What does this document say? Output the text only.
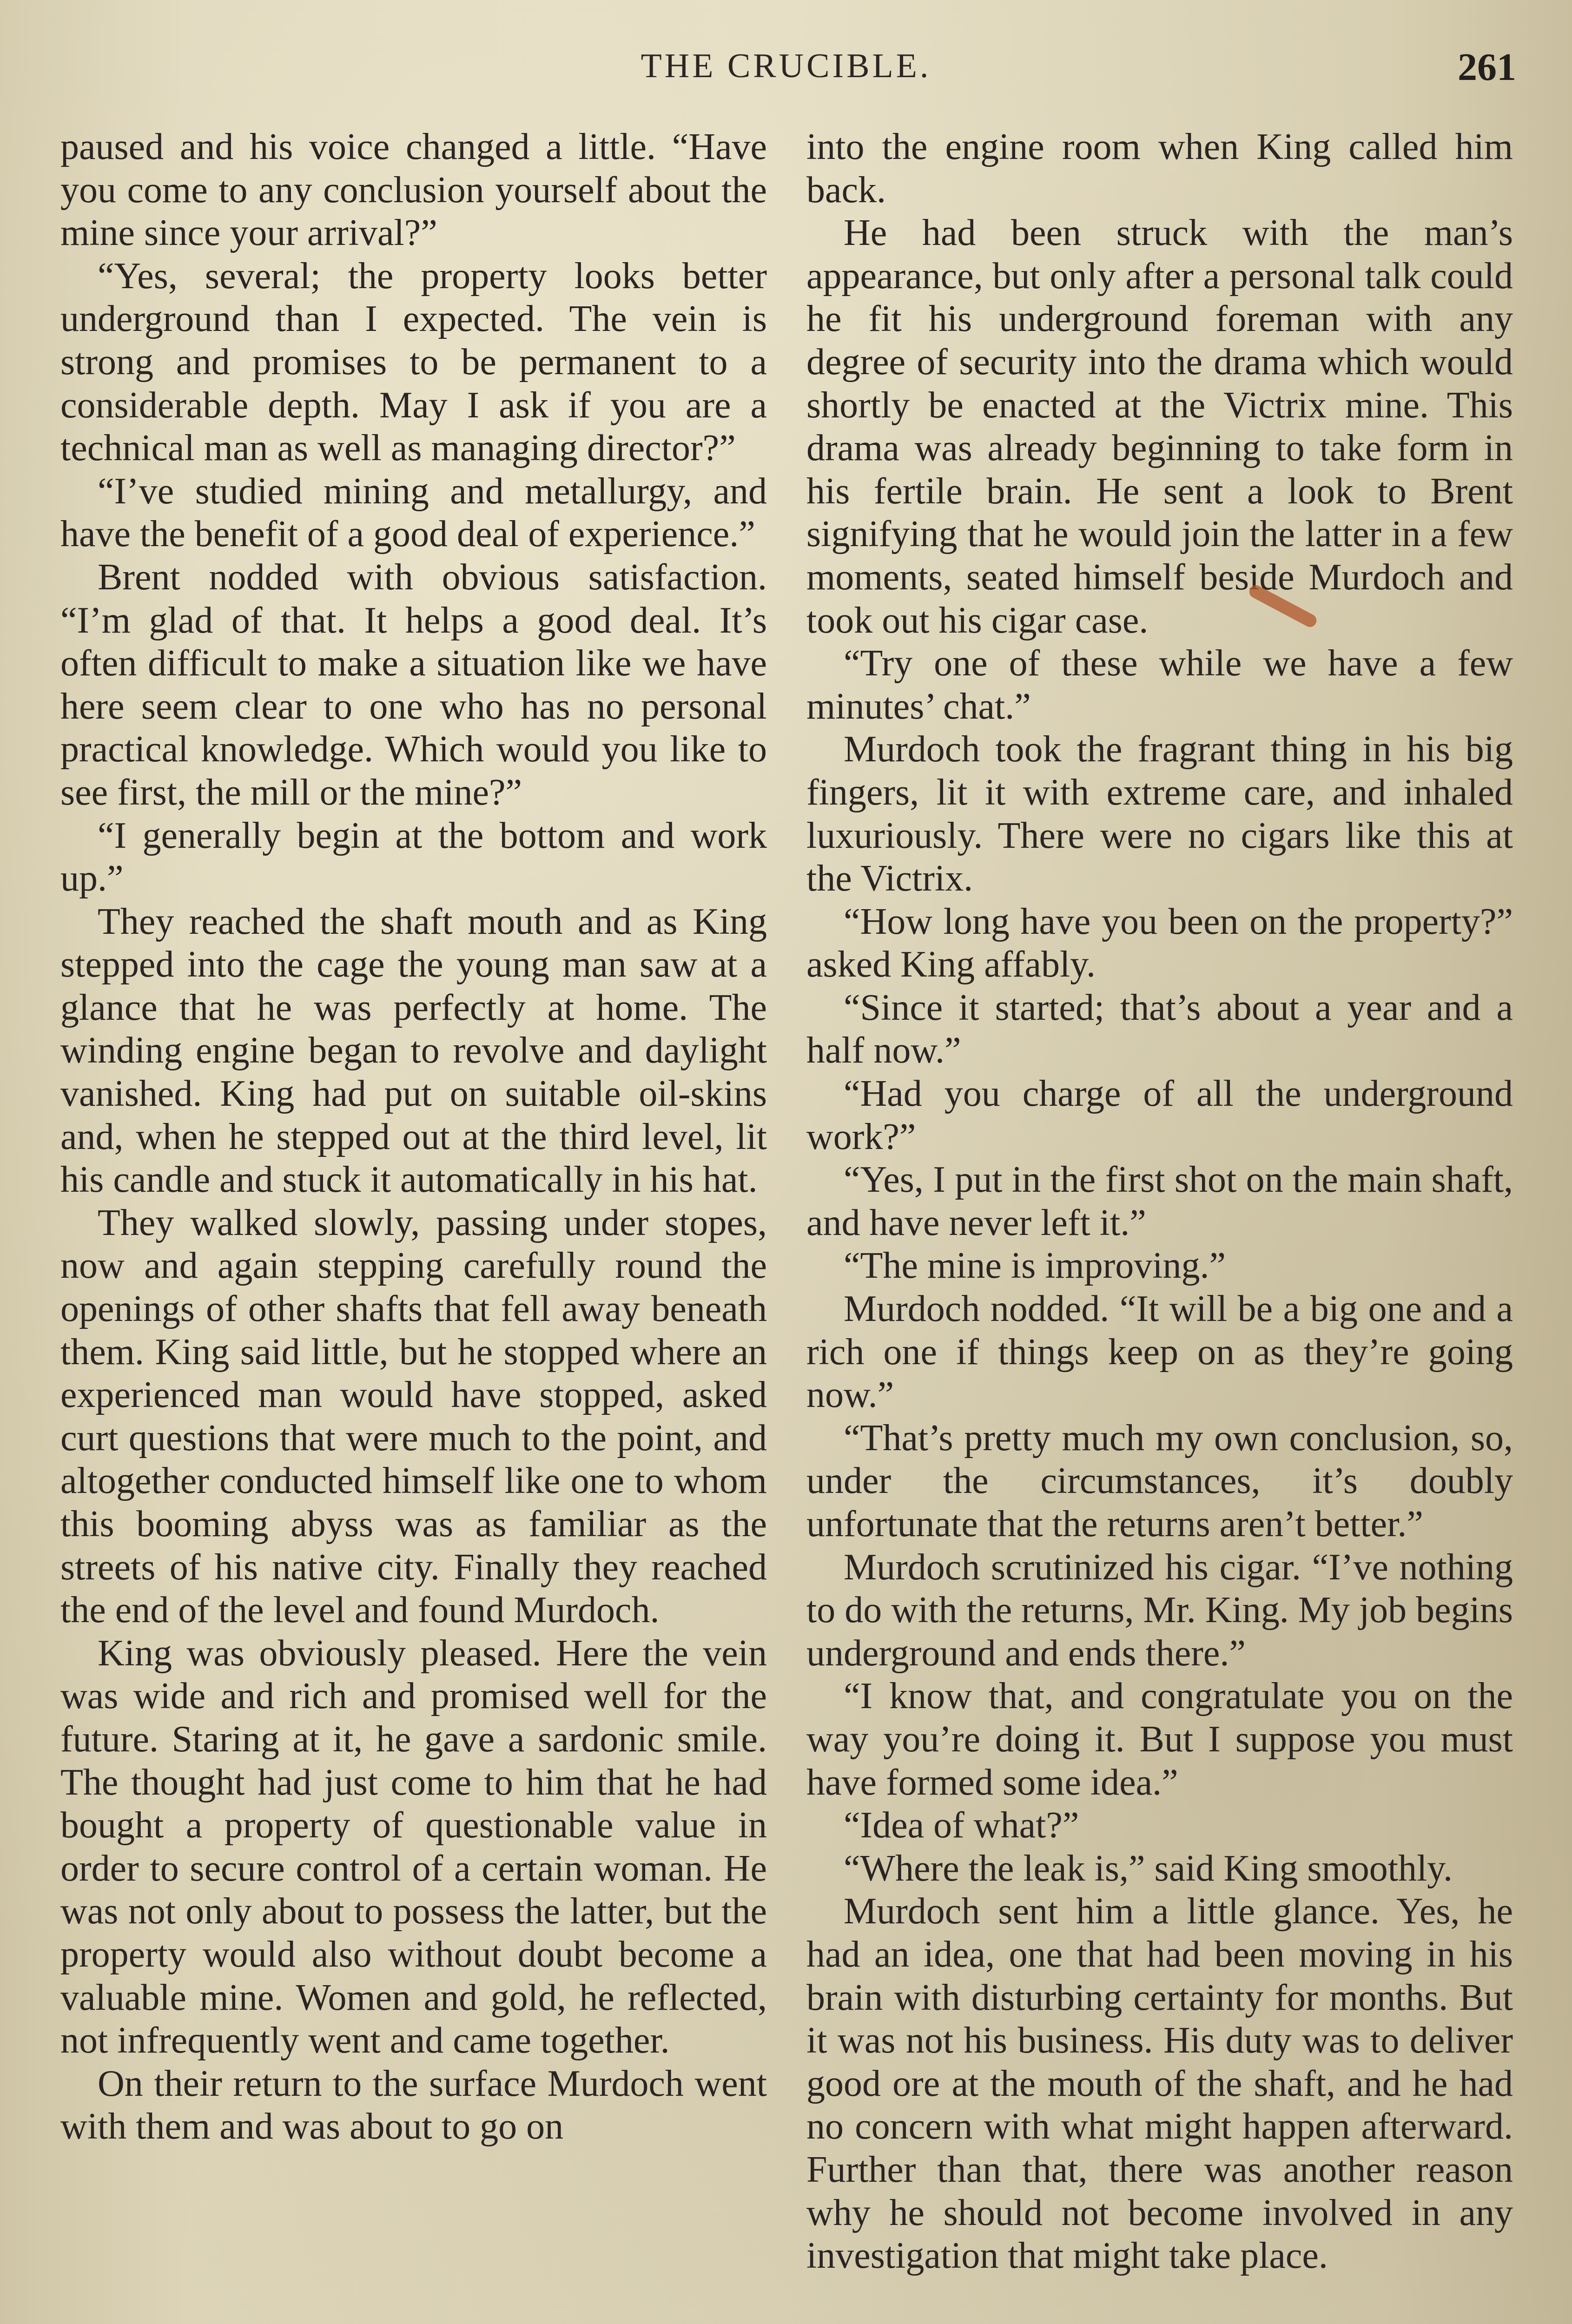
THE CRUCIBLE.	261

paused and his voice changed a little. “Have you come to any conclusion yourself about the mine since your arrival?”

“Yes, several; the property looks better underground than I expected. The vein is strong and promises to be permanent to a considerable depth. May I ask if you are a technical man as well as managing director?”

“I’ve studied mining and metallurgy, and have the benefit of a good deal of experience.”

Brent nodded with obvious satisfaction. “I’m glad of that. It helps a good deal. It’s often difficult to make a situation like we have here seem clear to one who has no personal practical knowledge. Which would you like to see first, the mill or the mine?”

“I generally begin at the bottom and work up.”

They reached the shaft mouth and as King stepped into the cage the young man saw at a glance that he was perfectly at home. The winding engine began to revolve and daylight vanished. King had put on suitable oil-skins and, when he stepped out at the third level, lit his candle and stuck it automatically in his hat.

They walked slowly, passing under stopes, now and again stepping carefully round the openings of other shafts that fell away beneath them. King said little, but he stopped where an experienced man would have stopped, asked curt questions that were much to the point, and altogether conducted himself like one to whom this booming abyss was as familiar as the streets of his native city. Finally they reached the end of the level and found Murdoch.

King was obviously pleased. Here the vein was wide and rich and promised well for the future. Staring at it, he gave a sardonic smile. The thought had just come to him that he had bought a property of questionable value in order to secure control of a certain woman. He was not only about to possess the latter, but the property would also without doubt become a valuable mine. Women and gold, he reflected, not infrequently went and came together.

On their return to the surface Murdoch went with them and was about to go on

into the engine room when King called him back.

He had been struck with the man’s appearance, but only after a personal talk could he fit his underground foreman with any degree of security into the drama which would shortly be enacted at the Victrix mine. This drama was already beginning to take form in his fertile brain. He sent a look to Brent signifying that he would join the latter in a few moments, seated himself beside Murdoch and took out his cigar case.

“Try one of these while we have a few minutes’ chat.”

Murdoch took the fragrant thing in his big fingers, lit it with extreme care, and inhaled luxuriously. There were no cigars like this at the Victrix.

“How long have you been on the property?” asked King affably.

“Since it started; that’s about a year and a half now.”

“Had you charge of all the underground work?”

“Yes, I put in the first shot on the main shaft, and have never left it.”

“The mine is improving.”

Murdoch nodded. “It will be a big one and a rich one if things keep on as they’re going now.”

“That’s pretty much my own conclusion, so, under the circumstances, it’s doubly unfortunate that the returns aren’t better.”

Murdoch scrutinized his cigar. “I’ve nothing to do with the returns, Mr. King. My job begins underground and ends there.”

“I know that, and congratulate you on the way you’re doing it. But I suppose you must have formed some idea.”

“Idea of what?”

“Where the leak is,” said King smoothly.

Murdoch sent him a little glance. Yes, he had an idea, one that had been moving in his brain with disturbing certainty for months. But it was not his business. His duty was to deliver good ore at the mouth of the shaft, and he had no concern with what might happen afterward. Further than that, there was another reason why he should not become involved in any investigation that might take place.
